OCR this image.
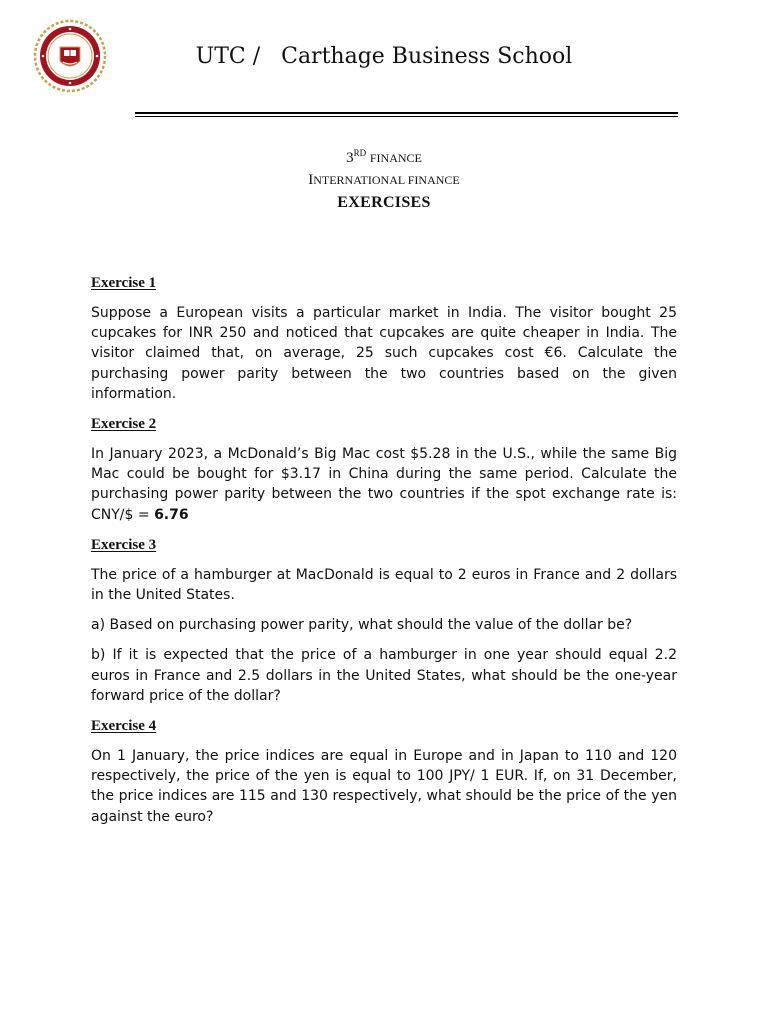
UTC /   Carthage Business School
3RD FINANCE
INTERNATIONAL FINANCE
EXERCISES
Exercise 1

Suppose a European visits a particular market in India. The visitor bought 25 cupcakes for INR 250 and noticed that cupcakes are quite cheaper in India. The visitor claimed that, on average, 25 such cupcakes cost €6. Calculate the purchasing power parity between the two countries based on the given information.

Exercise 2

In January 2023, a McDonald’s Big Mac cost $5.28 in the U.S., while the same Big Mac could be bought for $3.17 in China during the same period. Calculate the purchasing power parity between the two countries if the spot exchange rate is: CNY/$ = 6.76

Exercise 3

The price of a hamburger at MacDonald is equal to 2 euros in France and 2 dollars in the United States.

a) Based on purchasing power parity, what should the value of the dollar be?

b) If it is expected that the price of a hamburger in one year should equal 2.2 euros in France and 2.5 dollars in the United States, what should be the one-year forward price of the dollar?

Exercise 4

On 1 January, the price indices are equal in Europe and in Japan to 110 and 120 respectively, the price of the yen is equal to 100 JPY/ 1 EUR. If, on 31 December, the price indices are 115 and 130 respectively, what should be the price of the yen against the euro?
